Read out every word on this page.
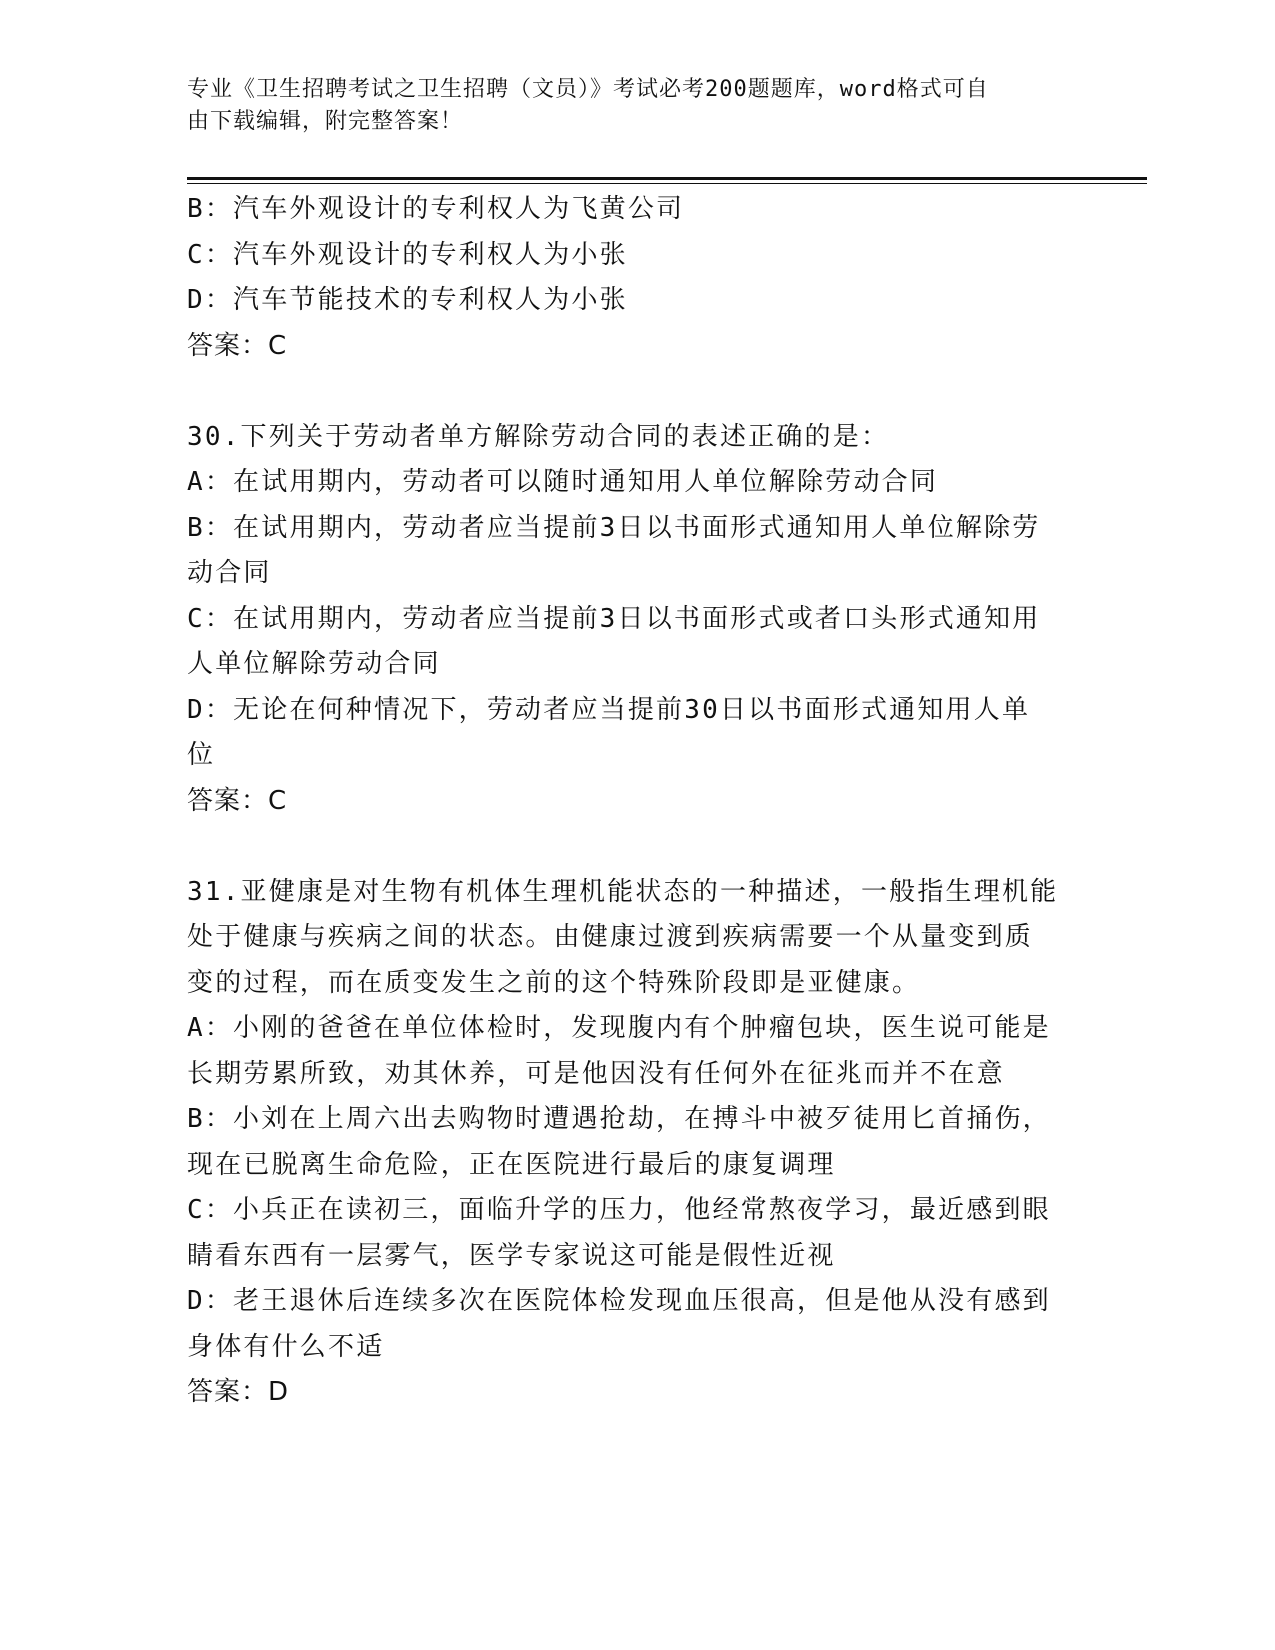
专业《卫生招聘考试之卫生招聘（文员）》考试必考200题题库，word格式可自
由下载编辑，附完整答案！
B：汽车外观设计的专利权人为飞黄公司
C：汽车外观设计的专利权人为小张
D：汽车节能技术的专利权人为小张
答案：C
30.下列关于劳动者单方解除劳动合同的表述正确的是：
A：在试用期内，劳动者可以随时通知用人单位解除劳动合同
B：在试用期内，劳动者应当提前3日以书面形式通知用人单位解除劳
动合同
C：在试用期内，劳动者应当提前3日以书面形式或者口头形式通知用
人单位解除劳动合同
D：无论在何种情况下，劳动者应当提前30日以书面形式通知用人单
位
答案：C
31.亚健康是对生物有机体生理机能状态的一种描述，一般指生理机能
处于健康与疾病之间的状态。由健康过渡到疾病需要一个从量变到质
变的过程，而在质变发生之前的这个特殊阶段即是亚健康。
A：小刚的爸爸在单位体检时，发现腹内有个肿瘤包块，医生说可能是
长期劳累所致，劝其休养，可是他因没有任何外在征兆而并不在意
B：小刘在上周六出去购物时遭遇抢劫，在搏斗中被歹徒用匕首捅伤，
现在已脱离生命危险，正在医院进行最后的康复调理
C：小兵正在读初三，面临升学的压力，他经常熬夜学习，最近感到眼
睛看东西有一层雾气，医学专家说这可能是假性近视
D：老王退休后连续多次在医院体检发现血压很高，但是他从没有感到
身体有什么不适
答案：D
